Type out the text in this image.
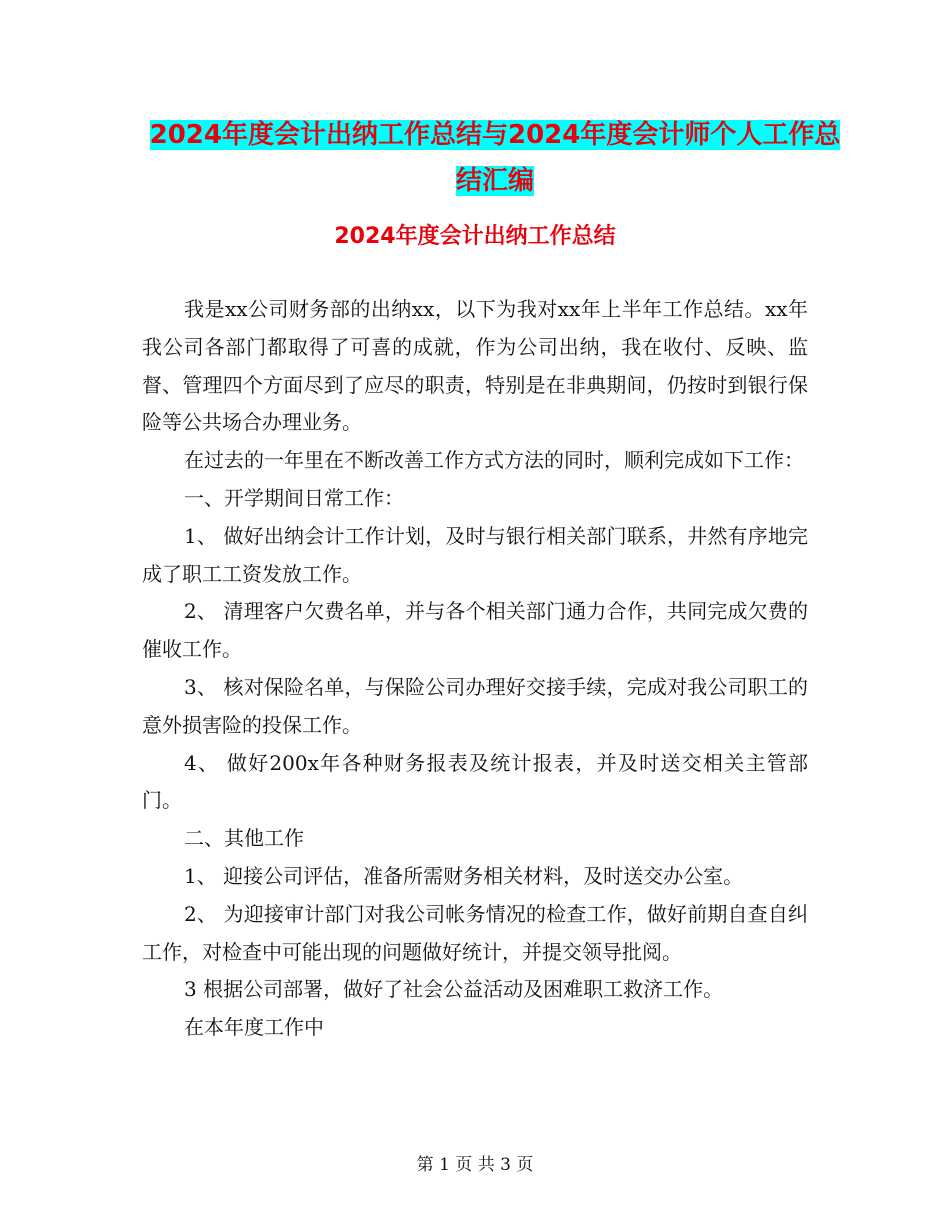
2024年度会计出纳工作总结与2024年度会计师个人工作总结汇编
2024年度会计出纳工作总结

我是xx公司财务部的出纳xx，以下为我对xx年上半年工作总结。xx年我公司各部门都取得了可喜的成就，作为公司出纳，我在收付、反映、监督、管理四个方面尽到了应尽的职责，特别是在非典期间，仍按时到银行保险等公共场合办理业务。

在过去的一年里在不断改善工作方式方法的同时，顺利完成如下工作：

一、开学期间日常工作：

1、 做好出纳会计工作计划，及时与银行相关部门联系，井然有序地完成了职工工资发放工作。

2、 清理客户欠费名单，并与各个相关部门通力合作，共同完成欠费的催收工作。

3、 核对保险名单，与保险公司办理好交接手续，完成对我公司职工的意外损害险的投保工作。

4、 做好200x年各种财务报表及统计报表，并及时送交相关主管部门。

二、其他工作

1、 迎接公司评估，准备所需财务相关材料，及时送交办公室。

2、 为迎接审计部门对我公司帐务情况的检查工作，做好前期自查自纠工作，对检查中可能出现的问题做好统计，并提交领导批阅。

3 根据公司部署，做好了社会公益活动及困难职工救济工作。

在本年度工作中

第 1 页 共 3 页
